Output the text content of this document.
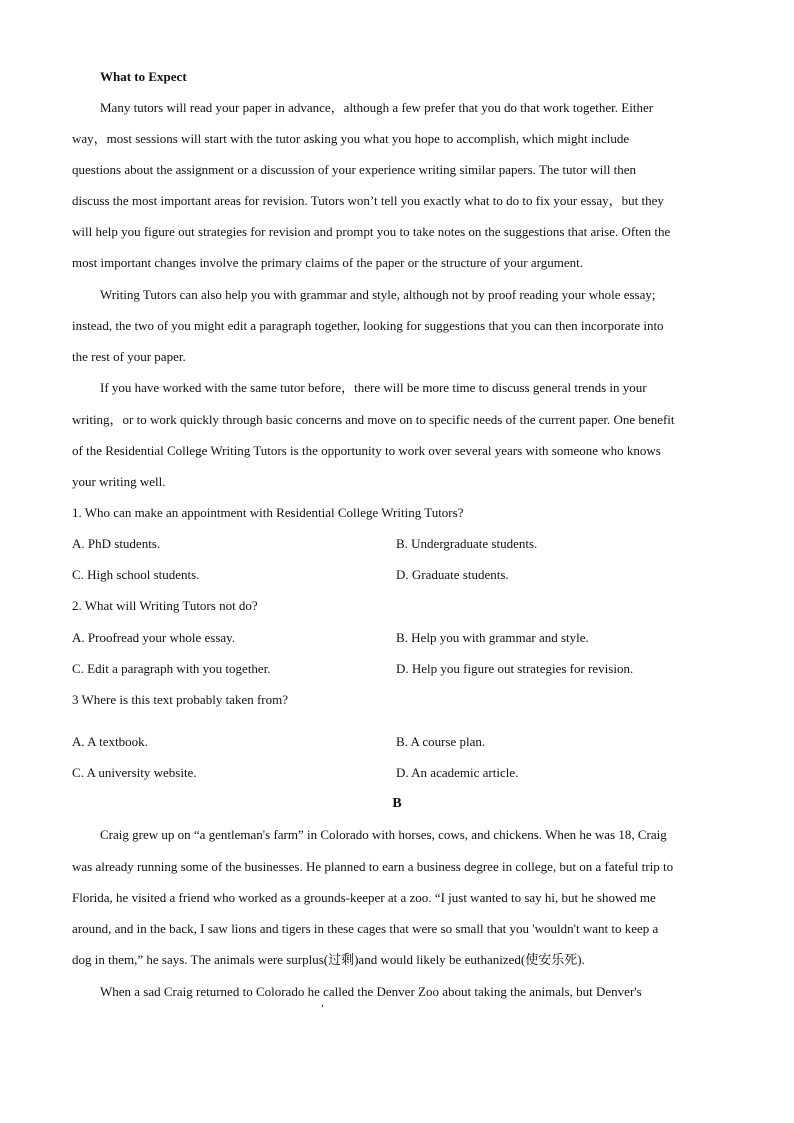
What to Expect
Many tutors will read your paper in advance，although a few prefer that you do that work together. Either
way，most sessions will start with the tutor asking you what you hope to accomplish, which might include
questions about the assignment or a discussion of your experience writing similar papers. The tutor will then
discuss the most important areas for revision. Tutors won’t tell you exactly what to do to fix your essay，but they
will help you figure out strategies for revision and prompt you to take notes on the suggestions that arise. Often the
most important changes involve the primary claims of the paper or the structure of your argument.
Writing Tutors can also help you with grammar and style, although not by proof reading your whole essay;
instead, the two of you might edit a paragraph together, looking for suggestions that you can then incorporate into
the rest of your paper.
If you have worked with the same tutor before，there will be more time to discuss general trends in your
writing，or to work quickly through basic concerns and move on to specific needs of the current paper. One benefit
of the Residential College Writing Tutors is the opportunity to work over several years with someone who knows
your writing well.
1. Who can make an appointment with Residential College Writing Tutors?
A. PhD students.	B. Undergraduate students.
C. High school students.	D. Graduate students.
2. What will Writing Tutors not do?
A. Proofread your whole essay.	B. Help you with grammar and style.
C. Edit a paragraph with you together.	D. Help you figure out strategies for revision.
3 Where is this text probably taken from?
A. A textbook.	B. A course plan.
C. A university website.	D. An academic article.
B
Craig grew up on “a gentleman's farm” in Colorado with horses, cows, and chickens. When he was 18, Craig
was already running some of the businesses. He planned to earn a business degree in college, but on a fateful trip to
Florida, he visited a friend who worked as a grounds-keeper at a zoo. “I just wanted to say hi, but he showed me
around, and in the back, I saw lions and tigers in these cages that were so small that you 'wouldn't want to keep a
dog in them,” he says. The animals were surplus(过剩)and would likely be euthanized(使安乐死).
When a sad Craig returned to Colorado he called the Denver Zoo about taking the animals, but Denver's
,
